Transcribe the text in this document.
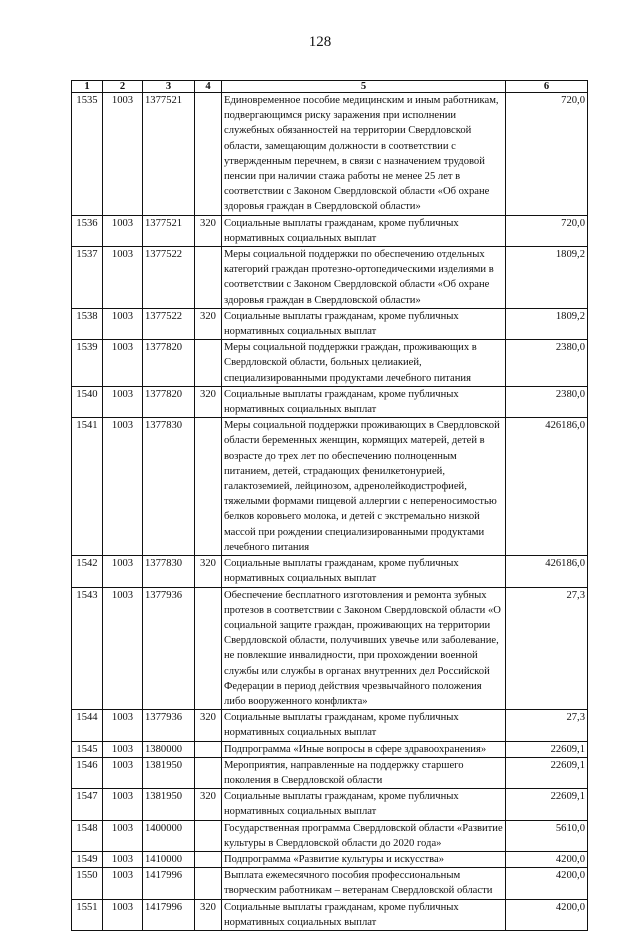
128
1	2	3	4	5	6
1535	1003	1377521		Единовременное пособие медицинским и иным работникам, подвергающимся риску заражения при исполнении служебных обязанностей на территории Свердловской области, замещающим должности в соответствии с утвержденным перечнем, в связи с назначением трудовой пенсии при наличии стажа работы не менее 25 лет в соответствии с Законом Свердловской области «Об охране здоровья граждан в Свердловской области»	720,0
1536	1003	1377521	320	Социальные выплаты гражданам, кроме публичных нормативных социальных выплат	720,0
1537	1003	1377522		Меры социальной поддержки по обеспечению отдельных категорий граждан протезно-ортопедическими изделиями в соответствии с Законом Свердловской области «Об охране здоровья граждан в Свердловской области»	1809,2
1538	1003	1377522	320	Социальные выплаты гражданам, кроме публичных нормативных социальных выплат	1809,2
1539	1003	1377820		Меры социальной поддержки граждан, проживающих в Свердловской области, больных целиакией, специализированными продуктами лечебного питания	2380,0
1540	1003	1377820	320	Социальные выплаты гражданам, кроме публичных нормативных социальных выплат	2380,0
1541	1003	1377830		Меры социальной поддержки проживающих в Свердловской области беременных женщин, кормящих матерей, детей в возрасте до трех лет по обеспечению полноценным питанием, детей, страдающих фенилкетонурией, галактоземией, лейцинозом, адренолейкодистрофией, тяжелыми формами пищевой аллергии с непереносимостью белков коровьего молока, и детей с экстремально низкой массой при рождении специализированными продуктами лечебного питания	426186,0
1542	1003	1377830	320	Социальные выплаты гражданам, кроме публичных нормативных социальных выплат	426186,0
1543	1003	1377936		Обеспечение бесплатного изготовления и ремонта зубных протезов в соответствии с Законом Свердловской области «О социальной защите граждан, проживающих на территории Свердловской области, получивших увечье или заболевание, не повлекшие инвалидности, при прохождении военной службы или службы в органах внутренних дел Российской Федерации в период действия чрезвычайного положения либо вооруженного конфликта»	27,3
1544	1003	1377936	320	Социальные выплаты гражданам, кроме публичных нормативных социальных выплат	27,3
1545	1003	1380000		Подпрограмма «Иные вопросы в сфере здравоохранения»	22609,1
1546	1003	1381950		Мероприятия, направленные на поддержку старшего поколения в Свердловской области	22609,1
1547	1003	1381950	320	Социальные выплаты гражданам, кроме публичных нормативных социальных выплат	22609,1
1548	1003	1400000		Государственная программа Свердловской области «Развитие культуры в Свердловской области до 2020 года»	5610,0
1549	1003	1410000		Подпрограмма «Развитие культуры и искусства»	4200,0
1550	1003	1417996		Выплата ежемесячного пособия профессиональным творческим работникам – ветеранам Свердловской области	4200,0
1551	1003	1417996	320	Социальные выплаты гражданам, кроме публичных нормативных социальных выплат	4200,0
